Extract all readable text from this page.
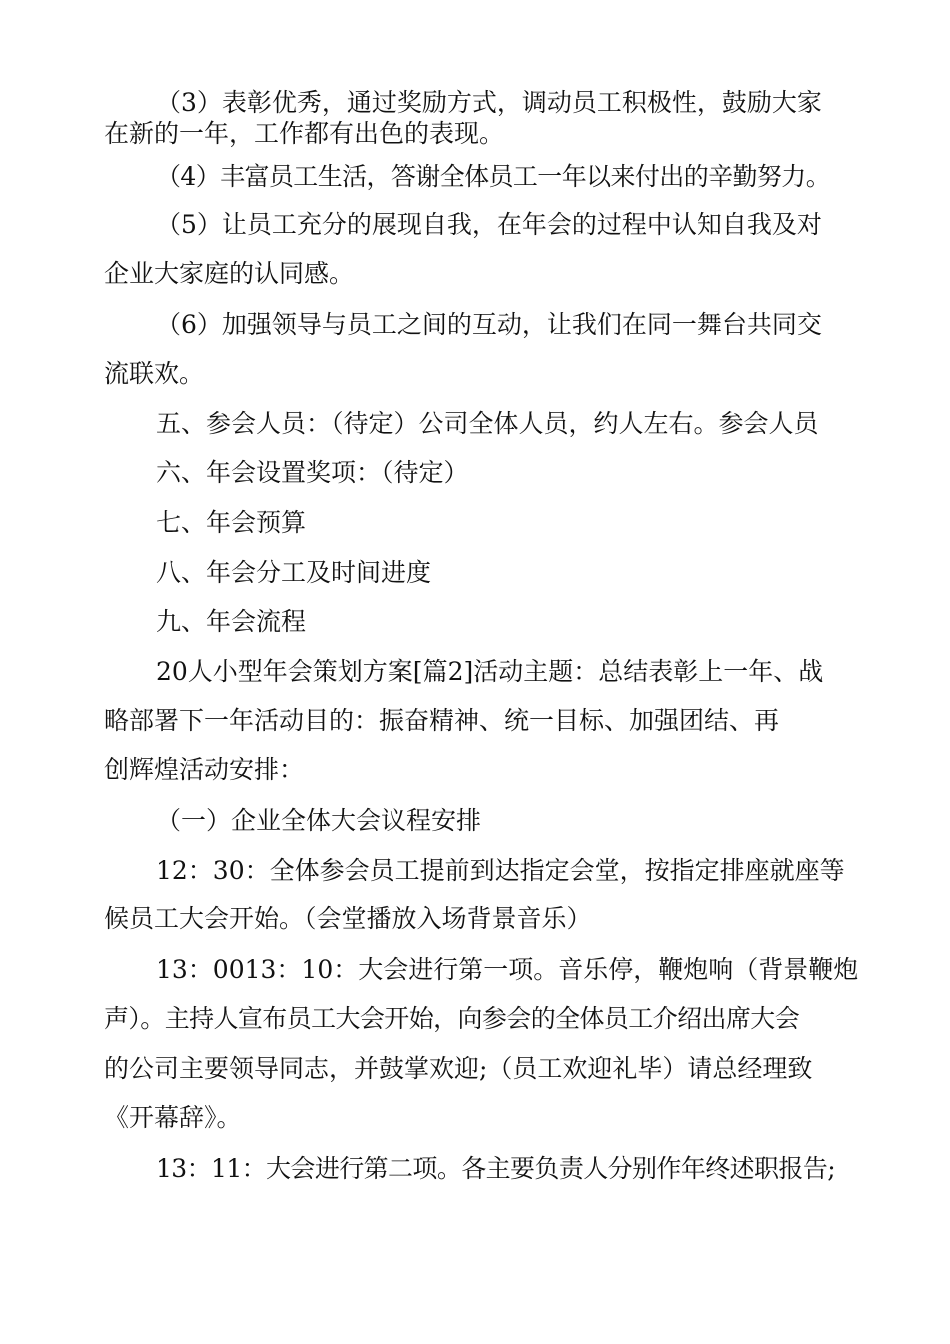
（3）表彰优秀，通过奖励方式，调动员工积极性，鼓励大家
在新的一年，工作都有出色的表现。
（4）丰富员工生活，答谢全体员工一年以来付出的辛勤努力。
（5）让员工充分的展现自我，在年会的过程中认知自我及对
企业大家庭的认同感。
（6）加强领导与员工之间的互动，让我们在同一舞台共同交
流联欢。
五、参会人员：（待定）公司全体人员，约人左右。参会人员
六、年会设置奖项：（待定）
七、年会预算
八、年会分工及时间进度
九、年会流程
20人小型年会策划方案[篇2]活动主题：总结表彰上一年、战
略部署下一年活动目的：振奋精神、统一目标、加强团结、再
创辉煌活动安排：
（一）企业全体大会议程安排
12：30：全体参会员工提前到达指定会堂，按指定排座就座等
候员工大会开始。（会堂播放入场背景音乐）
13：0013：10：大会进行第一项。音乐停，鞭炮响（背景鞭炮
声）。主持人宣布员工大会开始，向参会的全体员工介绍出席大会
的公司主要领导同志，并鼓掌欢迎;（员工欢迎礼毕）请总经理致
《开幕辞》。
13：11：大会进行第二项。各主要负责人分别作年终述职报告;
